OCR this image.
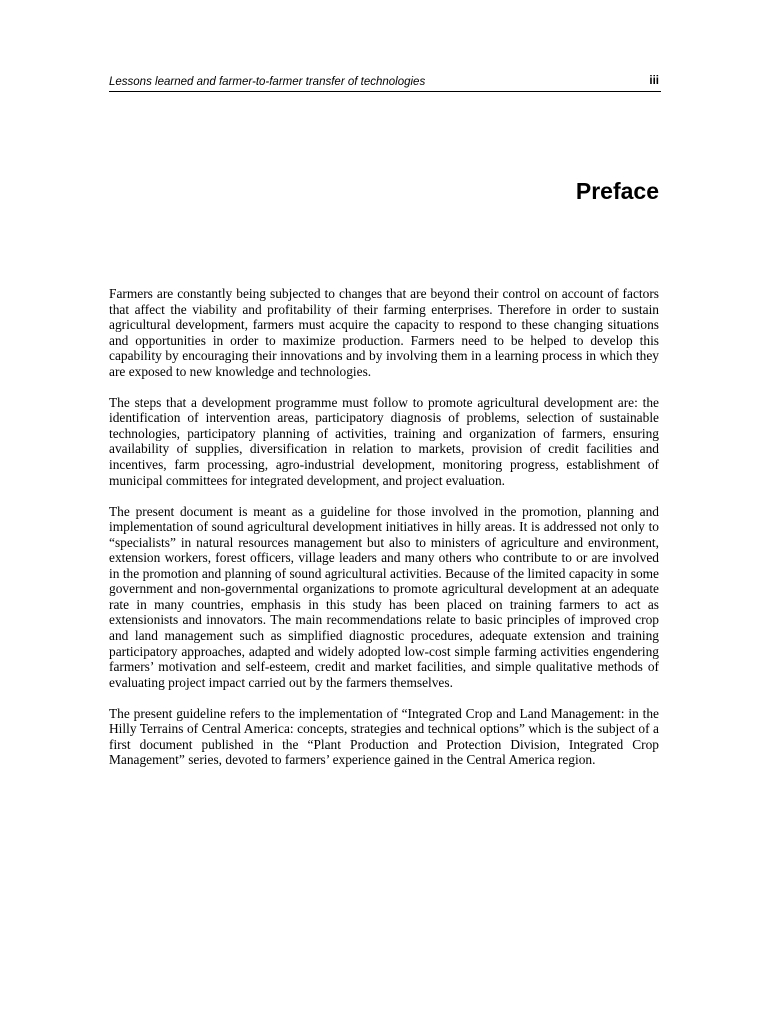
Lessons learned and farmer-to-farmer transfer of technologies	iii
Preface

Farmers are constantly being subjected to changes that are beyond their control on account of factors that affect the viability and profitability of their farming enterprises. Therefore in order to sustain agricultural development, farmers must acquire the capacity to respond to these changing situations and opportunities in order to maximize production. Farmers need to be helped to develop this capability by encouraging their innovations and by involving them in a learning process in which they are exposed to new knowledge and technologies.

The steps that a development programme must follow to promote agricultural development are: the identification of intervention areas, participatory diagnosis of problems, selection of sustainable technologies, participatory planning of activities, training and organization of farmers, ensuring availability of supplies, diversification in relation to markets, provision of credit facilities and incentives, farm processing, agro-industrial development, monitoring progress, establishment of municipal committees for integrated development, and project evaluation.

The present document is meant as a guideline for those involved in the promotion, planning and implementation of sound agricultural development initiatives in hilly areas. It is addressed not only to “specialists” in natural resources management but also to ministers of agriculture and environment, extension workers, forest officers, village leaders and many others who contribute to or are involved in the promotion and planning of sound agricultural activities. Because of the limited capacity in some government and non-governmental organizations to promote agricultural development at an adequate rate in many countries, emphasis in this study has been placed on training farmers to act as extensionists and innovators. The main recommendations relate to basic principles of improved crop and land management such as simplified diagnostic procedures, adequate extension and training participatory approaches, adapted and widely adopted low-cost simple farming activities engendering farmers’ motivation and self-esteem, credit and market facilities, and simple qualitative methods of evaluating project impact carried out by the farmers themselves.

The present guideline refers to the implementation of “Integrated Crop and Land Management: in the Hilly Terrains of Central America: concepts, strategies and technical options” which is the subject of a first document published in the “Plant Production and Protection Division, Integrated Crop Management” series, devoted to farmers’ experience gained in the Central America region.
